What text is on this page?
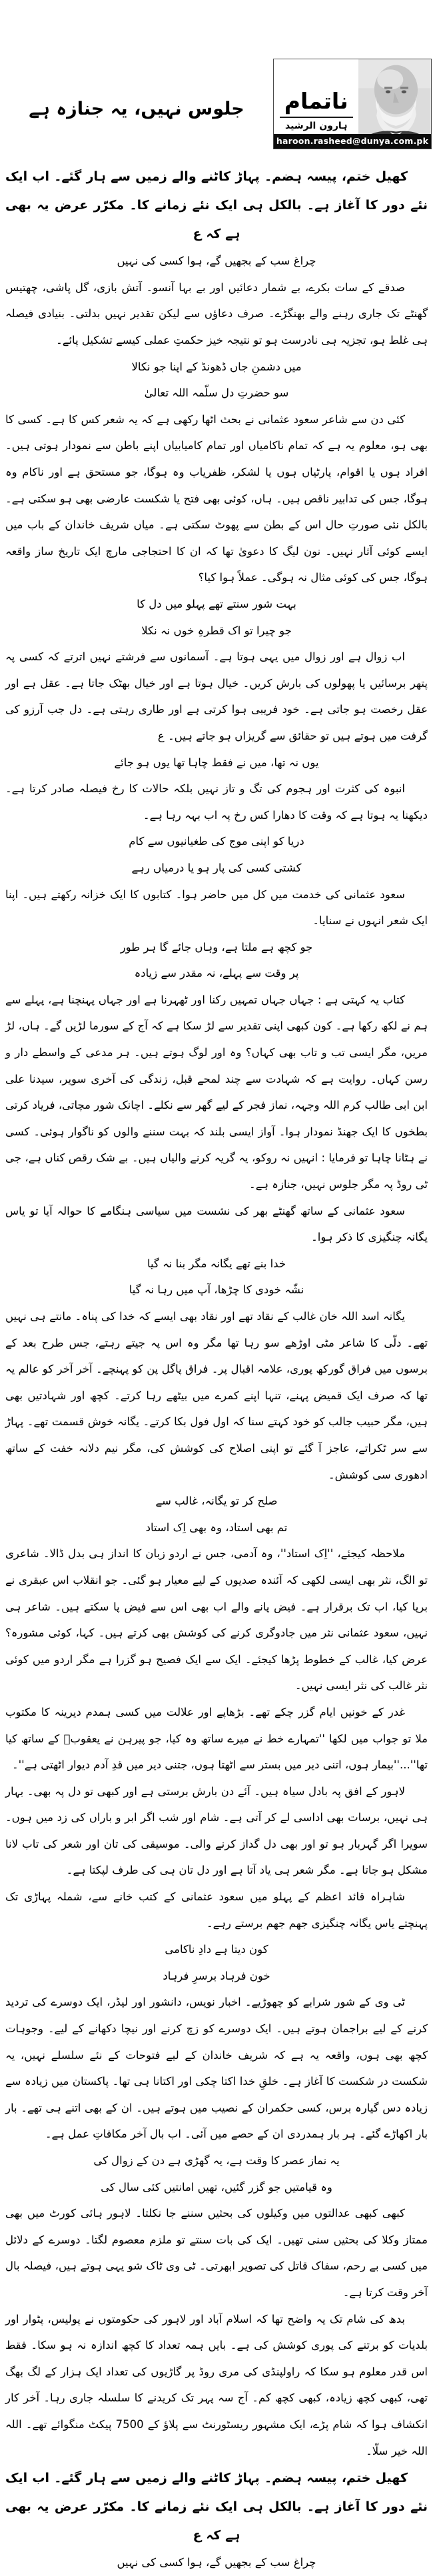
ناتمام
ہارون الرشید
haroon.rasheed@dunya.com.pk
جلوس نہیں، یہ جنازہ ہے

کھیل ختم، پیسہ ہضم۔ پہاڑ کاٹنے والے زمیں سے ہار گئے۔ اب ایک نئے دور کا آغاز ہے۔ بالکل ہی ایک نئے زمانے کا۔ مکرّر عرض یہ بھی ہے کہ ع

چراغ سب کے بجھیں گے، ہوا کسی کی نہیں

صدقے کے سات بکرے، بے شمار دعائیں اور بے بہا آنسو۔ آتش بازی، گل پاشی، چھتیس گھنٹے تک جاری رہنے والے بھنگڑے۔ صرف دعاؤں سے لیکن تقدیر نہیں بدلتی۔ بنیادی فیصلہ ہی غلط ہو، تجزیہ ہی نادرست ہو تو نتیجہ خیز حکمتِ عملی کیسے تشکیل پائے۔

میں دشمنِ جاں ڈھونڈ کے اپنا جو نکالا
سو حضرتِ دل سلّمہ اللہ تعالیٰ

کئی دن سے شاعر سعود عثمانی نے بحث اٹھا رکھی ہے کہ یہ شعر کس کا ہے۔ کسی کا بھی ہو، معلوم یہ ہے کہ تمام ناکامیاں اور تمام کامیابیاں اپنے باطن سے نمودار ہوتی ہیں۔ افراد ہوں یا اقوام، پارٹیاں ہوں یا لشکر، ظفریاب وہ ہوگا، جو مستحق ہے اور ناکام وہ ہوگا، جس کی تدابیر ناقص ہیں۔ ہاں، کوئی بھی فتح یا شکست عارضی بھی ہو سکتی ہے۔ بالکل نئی صورتِ حال اس کے بطن سے پھوٹ سکتی ہے۔ میاں شریف خاندان کے باب میں ایسے کوئی آثار نہیں۔ نون لیگ کا دعویٰ تھا کہ ان کا احتجاجی مارچ ایک تاریخ ساز واقعہ ہوگا، جس کی کوئی مثال نہ ہوگی۔ عملاً ہوا کیا؟

بہت شور سنتے تھے پہلو میں دل کا
جو چیرا تو اک قطرہِ خوں نہ نکلا

اب زوال ہے اور زوال میں یہی ہوتا ہے۔ آسمانوں سے فرشتے نہیں اترتے کہ کسی پہ پتھر برسائیں یا پھولوں کی بارش کریں۔ خیال ہوتا ہے اور خیال بھٹک جاتا ہے۔ عقل ہے اور عقل رخصت ہو جاتی ہے۔ خود فریبی ہوا کرتی ہے اور طاری رہتی ہے۔ دل جب آرزو کی گرفت میں ہوتے ہیں تو حقائق سے گریزاں ہو جاتے ہیں۔ ع

یوں نہ تھا، میں نے فقط چاہا تھا یوں ہو جائے

انبوہ کی کثرت اور ہجوم کی تگ و تاز نہیں بلکہ حالات کا رخ فیصلہ صادر کرتا ہے۔ دیکھنا یہ ہوتا ہے کہ وقت کا دھارا کس رخ پہ اب بہہ رہا ہے۔

دریا کو اپنی موج کی طغیانیوں سے کام
کشتی کسی کی پار ہو یا درمیاں رہے

سعود عثمانی کی خدمت میں کل میں حاضر ہوا۔ کتابوں کا ایک خزانہ رکھتے ہیں۔ اپنا ایک شعر انہوں نے سنایا۔

جو کچھ ہے ملتا ہے، وہاں جائے گا ہر طور
پر وقت سے پہلے، نہ مقدر سے زیادہ

کتاب یہ کہتی ہے : جہاں جہاں تمہیں رکنا اور ٹھہرنا ہے اور جہاں پہنچنا ہے، پہلے سے ہم نے لکھ رکھا ہے۔ کون کبھی اپنی تقدیر سے لڑ سکا ہے کہ آج کے سورما لڑیں گے۔ ہاں، لڑ مریں، مگر ایسی تب و تاب بھی کہاں؟ وہ اور لوگ ہوتے ہیں۔ ہر مدعی کے واسطے دار و رسن کہاں۔ روایت ہے کہ شہادت سے چند لمحے قبل، زندگی کی آخری سویر، سیدنا علی ابن ابی طالب کرم اللہ وجہہ، نماز فجر کے لیے گھر سے نکلے۔ اچانک شور مچاتی، فریاد کرتی بطخوں کا ایک جھنڈ نمودار ہوا۔ آواز ایسی بلند کہ بہت سننے والوں کو ناگوار ہوئی۔ کسی نے ہٹانا چاہا تو فرمایا : انہیں نہ روکو، یہ گریہ کرنے والیاں ہیں۔ بے شک رقص کناں ہے، جی ٹی روڈ پہ مگر جلوس نہیں، جنازہ ہے۔

سعود عثمانی کے ساتھ گھنٹے بھر کی نشست میں سیاسی ہنگامے کا حوالہ آیا تو یاس یگانہ چنگیزی کا ذکر ہوا۔

خدا بنے تھے یگانہ مگر بنا نہ گیا
نشّہ خودی کا چڑھا، آپ میں رہا نہ گیا

یگانہ اسد اللہ خان غالب کے نقاد تھے اور نقاد بھی ایسے کہ خدا کی پناہ۔ مانتے ہی نہیں تھے۔ دلّی کا شاعر مٹی اوڑھے سو رہا تھا مگر وہ اس پہ جیتے رہتے، جس طرح بعد کے برسوں میں فراق گورکھ پوری، علامہ اقبال پر۔ فراق پاگل پن کو پہنچے۔ آخر آخر کو عالم یہ تھا کہ صرف ایک قمیض پہنے، تنہا اپنے کمرے میں بیٹھے رہا کرتے۔ کچھ اور شہادتیں بھی ہیں، مگر حبیب جالب کو خود کہتے سنا کہ اول فول بکا کرتے۔ یگانہ خوش قسمت تھے۔ پہاڑ سے سر ٹکراتے، عاجز آ گئے تو اپنی اصلاح کی کوشش کی، مگر نیم دلانہ خفت کے ساتھ ادھوری سی کوشش۔

صلح کر تو یگانہ، غالب سے
تم بھی استاد، وہ بھی اِک استاد

ملاحظہ کیجئے، ''اِک استاد''، وہ آدمی، جس نے اردو زبان کا انداز ہی بدل ڈالا۔ شاعری تو الگ، نثر بھی ایسی لکھی کہ آئندہ صدیوں کے لیے معیار ہو گئی۔ جو انقلاب اس عبقری نے برپا کیا، اب تک برقرار ہے۔ فیض پانے والے اب بھی اس سے فیض پا سکتے ہیں۔ شاعر ہی نہیں، سعود عثمانی نثر میں جادوگری کرنے کی کوشش بھی کرتے ہیں۔ کہا، کوئی مشورہ؟ عرض کیا، غالب کے خطوط پڑھا کیجئے۔ ایک سے ایک فصیح ہو گزرا ہے مگر اردو میں کوئی نثر غالب کی نثر ایسی نہیں۔

غدر کے خونیں ایام گزر چکے تھے۔ بڑھاپے اور علالت میں کسی ہمدم دیرینہ کا مکتوب ملا تو جواب میں لکھا ''تمہارے خط نے میرے ساتھ وہ کیا، جو پیرہن نے یعقوبؑ کے ساتھ کیا تھا''...''بیمار ہوں، اتنی دیر میں بستر سے اٹھتا ہوں، جتنی دیر میں قدِ آدم دیوار اٹھتی ہے''۔

لاہور کے افق پہ بادل سیاہ ہیں۔ آئے دن بارش برستی ہے اور کبھی تو دل پہ بھی۔ بہار ہی نہیں، برسات بھی اداسی لے کر آتی ہے۔ شام اور شب اگر ابر و باراں کی زد میں ہوں۔ سویرا اگر گہربار ہو تو اور بھی دل گداز کرنے والی۔ موسیقی کی تان اور شعر کی تاب لانا مشکل ہو جاتا ہے۔ مگر شعر ہی یاد آتا ہے اور دل تان ہی کی طرف لپکتا ہے۔

شاہراہ قائد اعظم کے پہلو میں سعود عثمانی کے کتب خانے سے، شملہ پہاڑی تک پہنچتے یاس یگانہ چنگیزی جھم جھم برستے رہے۔

کون دیتا ہے دادِ ناکامی
خون فرہاد برسرِ فرہاد

ٹی وی کے شور شرابے کو چھوڑیے۔ اخبار نویس، دانشور اور لیڈر، ایک دوسرے کی تردید کرنے کے لیے براجمان ہوتے ہیں۔ ایک دوسرے کو زچ کرنے اور نیچا دکھانے کے لیے۔ وجوہات کچھ بھی ہوں، واقعہ یہ ہے کہ شریف خاندان کے لیے فتوحات کے نئے سلسلے نہیں، یہ شکست در شکست کا آغاز ہے۔ خلقِ خدا اکتا چکی اور اکتانا ہی تھا۔ پاکستان میں زیادہ سے زیادہ دس گیارہ برس، کسی حکمران کے نصیب میں ہوتے ہیں۔ ان کے بھی اتنے ہی تھے۔ بار بار اکھاڑے گئے۔ ہر بار ہمدردی ان کے حصے میں آئی۔ اب بال آخر مکافاتِ عمل ہے۔

یہ نماز عصر کا وقت ہے، یہ گھڑی ہے دن کے زوال کی
وہ قیامتیں جو گزر گئیں، تھیں امانتیں کئی سال کی

کبھی کبھی عدالتوں میں وکیلوں کی بحثیں سننے جا نکلتا۔ لاہور ہائی کورٹ میں بھی ممتاز وکلا کی بحثیں سنی تھیں۔ ایک کی بات سنتے تو ملزم معصوم لگتا۔ دوسرے کے دلائل میں کسی بے رحم، سفاک قاتل کی تصویر ابھرتی۔ ٹی وی ٹاک شو یہی ہوتے ہیں، فیصلہ بال آخر وقت کرتا ہے۔

بدھ کی شام تک یہ واضح تھا کہ اسلام آباد اور لاہور کی حکومتوں نے پولیس، پٹوار اور بلدیات کو برتنے کی پوری کوشش کی ہے۔ بایں ہمہ تعداد کا کچھ اندازہ نہ ہو سکا۔ فقط اس قدر معلوم ہو سکا کہ راولپنڈی کی مری روڈ پر گاڑیوں کی تعداد ایک ہزار کے لگ بھگ تھی، کبھی کچھ زیادہ، کبھی کچھ کم۔ آج سہ پہر تک کریدنے کا سلسلہ جاری رہا۔ آخر کار انکشاف ہوا کہ شام پڑے، ایک مشہور ریسٹورنٹ سے پلاؤ کے 7500 پیکٹ منگوائے تھے۔ اللہ اللہ خیر سلّا۔

کھیل ختم، پیسہ ہضم۔ پہاڑ کاٹنے والے زمیں سے ہار گئے۔ اب ایک نئے دور کا آغاز ہے۔ بالکل ہی ایک نئے زمانے کا۔ مکرّر عرض یہ بھی ہے کہ ع

چراغ سب کے بجھیں گے، ہوا کسی کی نہیں
